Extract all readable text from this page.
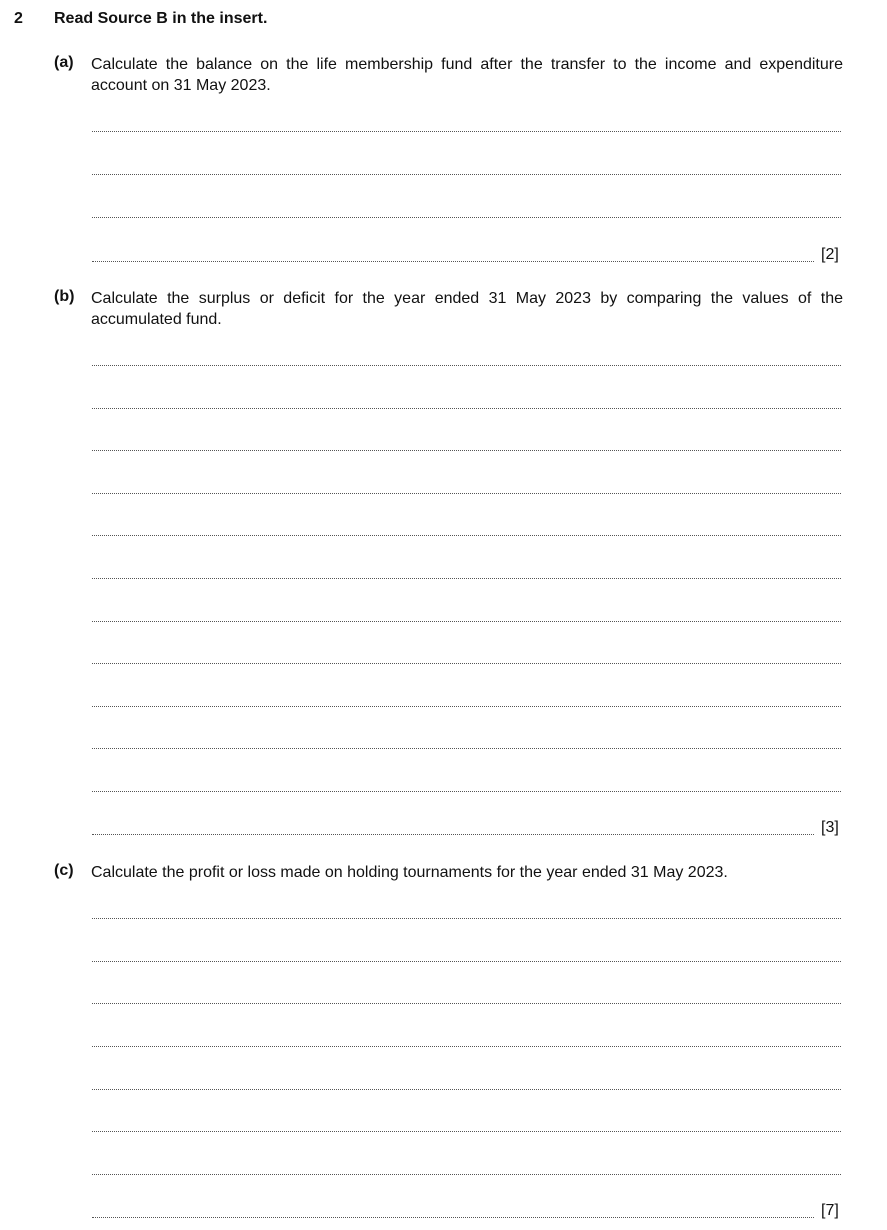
2 Read Source B in the insert.
(a) Calculate the balance on the life membership fund after the transfer to the income and expenditure account on 31 May 2023.
[2]
(b) Calculate the surplus or deficit for the year ended 31 May 2023 by comparing the values of the accumulated fund.
[3]
(c) Calculate the profit or loss made on holding tournaments for the year ended 31 May 2023.
[7]
